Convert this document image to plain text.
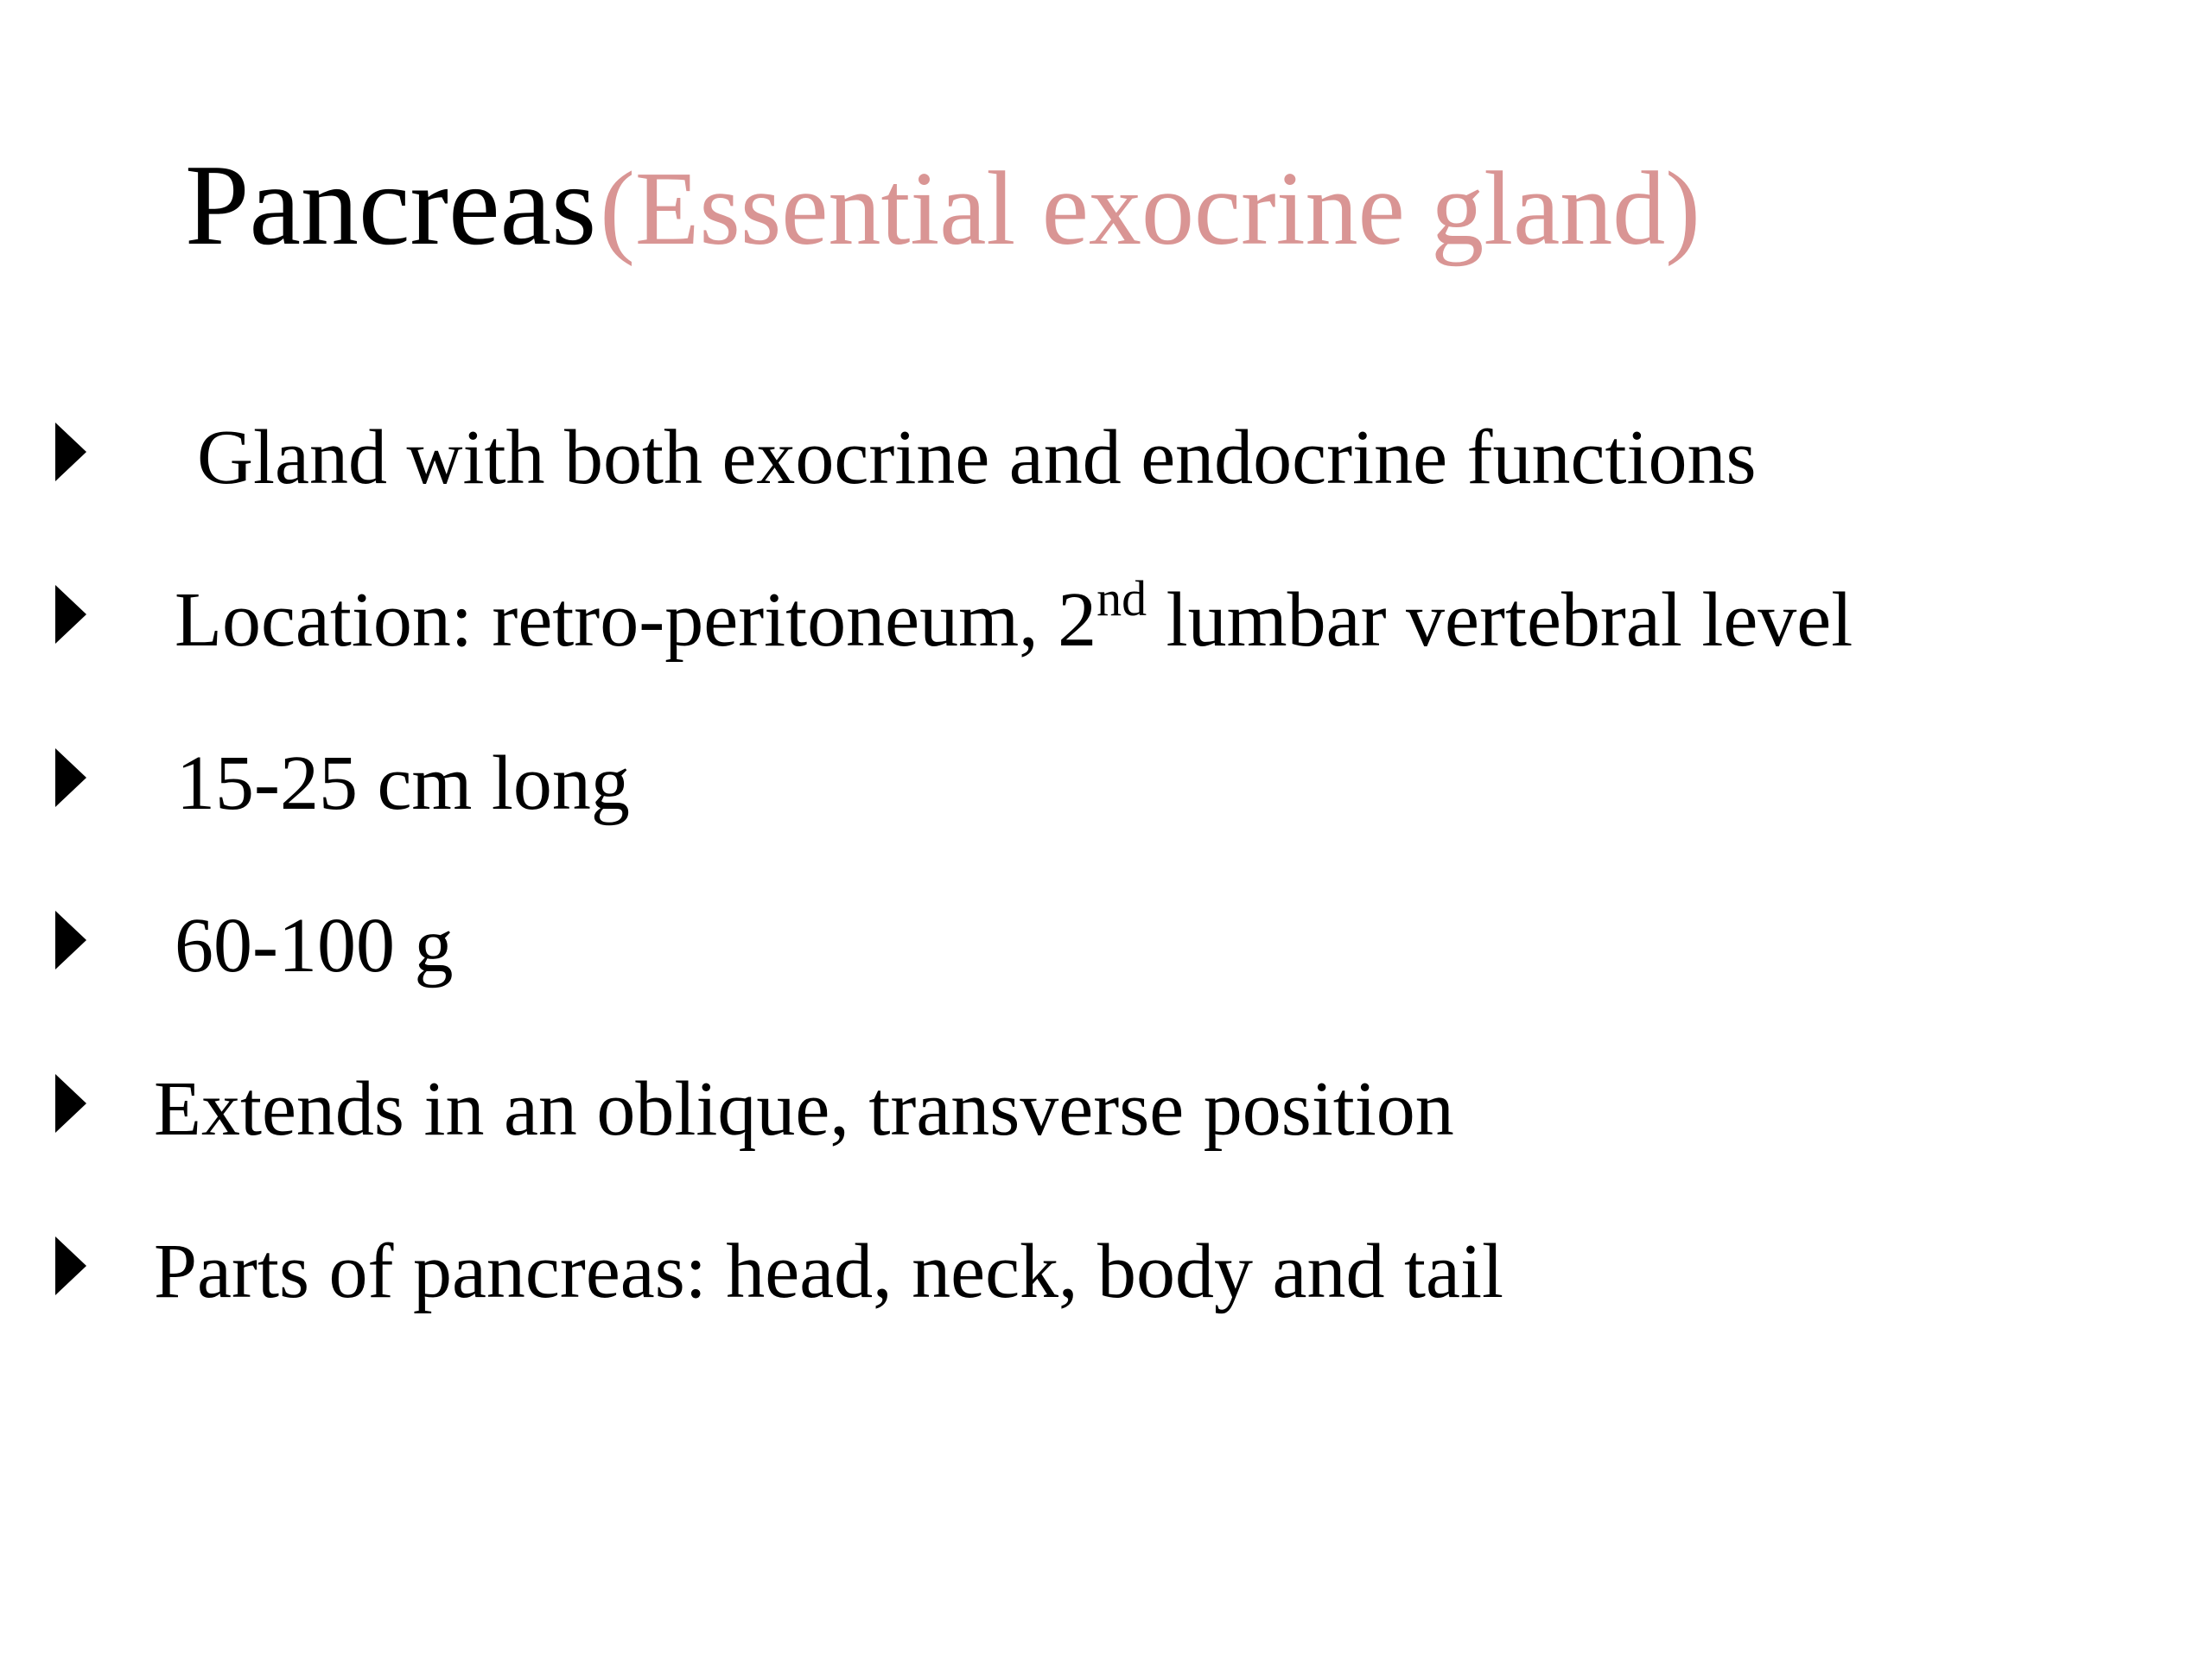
Pancreas (Essential exocrine gland)
Gland with both exocrine and endocrine functions
Location: retro-peritoneum, 2nd lumbar vertebral level
15-25 cm long
60-100 g
Extends in an oblique, transverse position
Parts of pancreas: head, neck, body and tail
